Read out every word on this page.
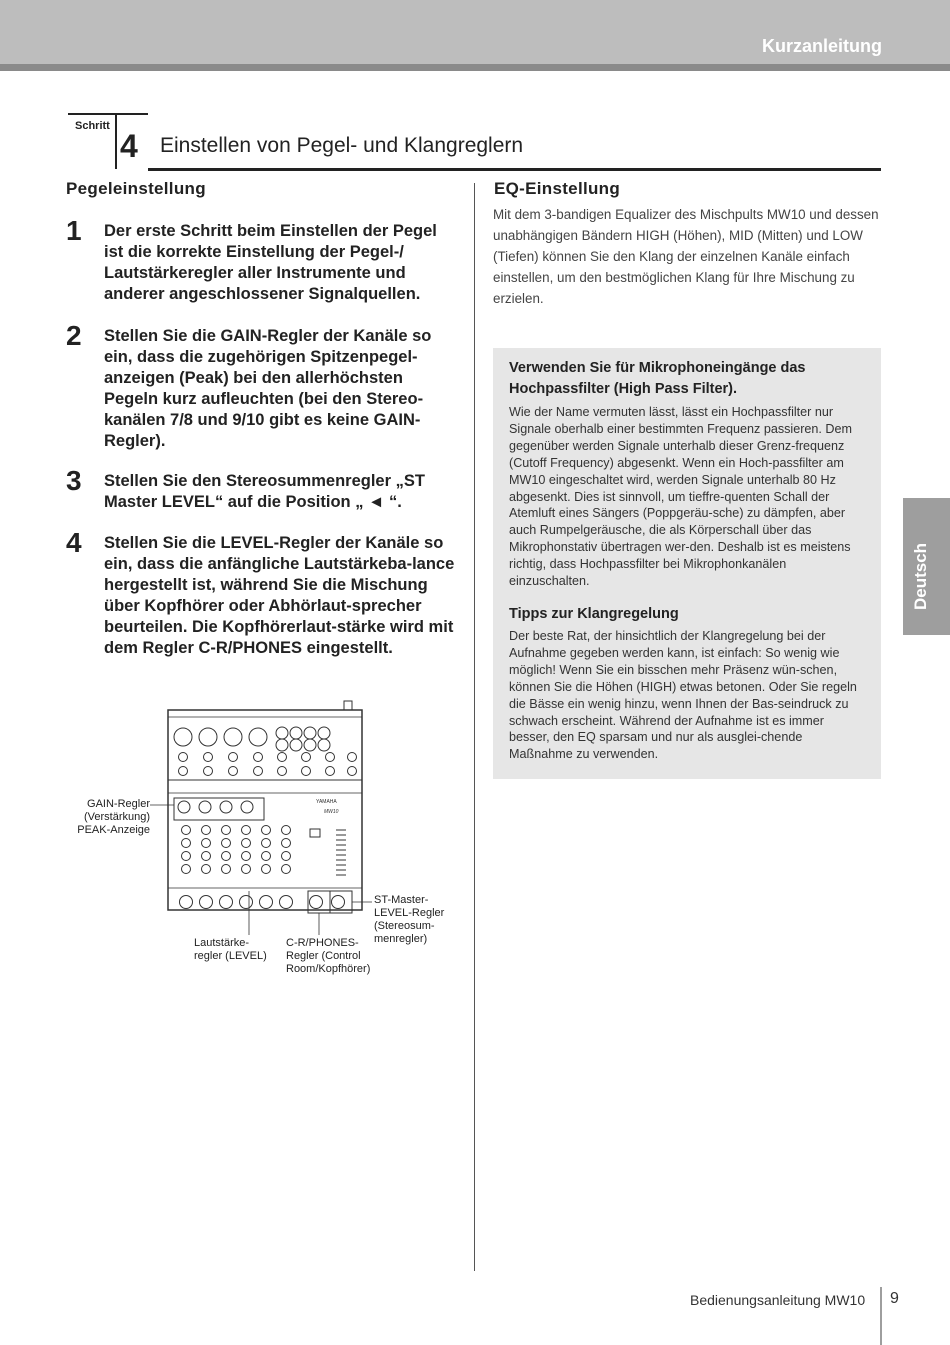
Kurzanleitung
Schritt
4 Einstellen von Pegel- und Klangreglern
Pegeleinstellung
1 Der erste Schritt beim Einstellen der Pegel ist die korrekte Einstellung der Pegel-/ Lautstärkeregler aller Instrumente und anderer angeschlossener Signalquellen.
2 Stellen Sie die GAIN-Regler der Kanäle so ein, dass die zugehörigen Spitzenpegel-anzeigen (Peak) bei den allerhöchsten Pegeln kurz aufleuchten (bei den Stereo-kanälen 7/8 und 9/10 gibt es keine GAIN-Regler).
3 Stellen Sie den Stereosummenregler „ST Master LEVEL“ auf die Position „ ◄ “.
4 Stellen Sie die LEVEL-Regler der Kanäle so ein, dass die anfängliche Lautstärkeba-lance hergestellt ist, während Sie die Mischung über Kopfhörer oder Abhörlaut-sprecher beurteilen. Die Kopfhörerlaut-stärke wird mit dem Regler C-R/PHONES eingestellt.
YAMAHA
MW10
GAIN-Regler (Verstärkung) PEAK-Anzeige
Lautstärke-regler (LEVEL)
C-R/PHONES-Regler (Control Room/Kopfhörer)
ST-Master-LEVEL-Regler (Stereosum-menregler)
EQ-Einstellung
Mit dem 3-bandigen Equalizer des Mischpults MW10 und dessen unabhängigen Bändern HIGH (Höhen), MID (Mitten) und LOW (Tiefen) können Sie den Klang der einzelnen Kanäle einfach einstellen, um den bestmöglichen Klang für Ihre Mischung zu erzielen.
Verwenden Sie für Mikrophoneingänge das Hochpassfilter (High Pass Filter).
Wie der Name vermuten lässt, lässt ein Hochpassfilter nur Signale oberhalb einer bestimmten Frequenz passieren. Dem gegenüber werden Signale unterhalb dieser Grenz-frequenz (Cutoff Frequency) abgesenkt. Wenn ein Hoch-passfilter am MW10 eingeschaltet wird, werden Signale unterhalb 80 Hz abgesenkt. Dies ist sinnvoll, um tieffre-quenten Schall der Atemluft eines Sängers (Poppgeräu-sche) zu dämpfen, aber auch Rumpelgeräusche, die als Körperschall über das Mikrophonstativ übertragen wer-den. Deshalb ist es meistens richtig, dass Hochpassfilter bei Mikrophonkanälen einzuschalten.
Tipps zur Klangregelung
Der beste Rat, der hinsichtlich der Klangregelung bei der Aufnahme gegeben werden kann, ist einfach: So wenig wie möglich! Wenn Sie ein bisschen mehr Präsenz wün-schen, können Sie die Höhen (HIGH) etwas betonen. Oder Sie regeln die Bässe ein wenig hinzu, wenn Ihnen der Bas-seindruck zu schwach erscheint. Während der Aufnahme ist es immer besser, den EQ sparsam und nur als ausglei-chende Maßnahme zu verwenden.
Deutsch
Bedienungsanleitung MW10 9
